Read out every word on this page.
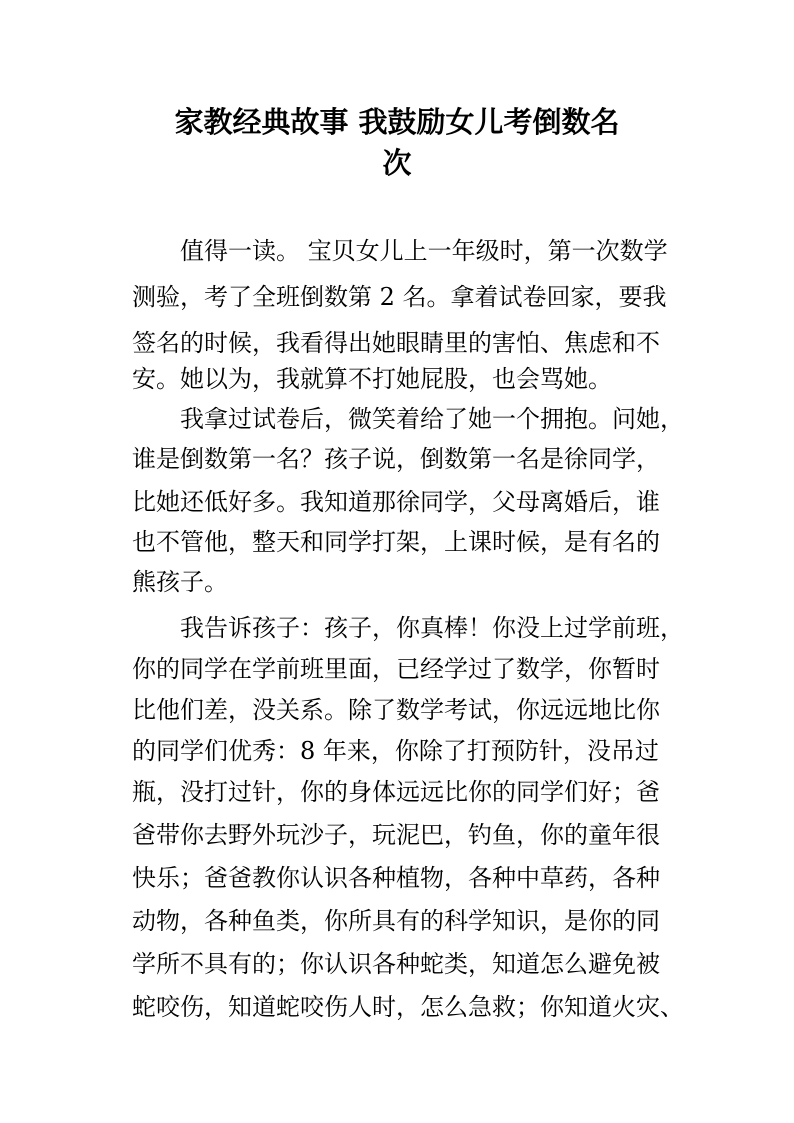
家教经典故事 我鼓励女儿考倒数名
次

值得一读。 宝贝女儿上一年级时，第一次数学

测验，考了全班倒数第 2 名。拿着试卷回家，要我

签名的时候，我看得出她眼睛里的害怕、焦虑和不

安。她以为，我就算不打她屁股，也会骂她。

我拿过试卷后，微笑着给了她一个拥抱。问她，

谁是倒数第一名？孩子说，倒数第一名是徐同学，

比她还低好多。我知道那徐同学，父母离婚后，谁

也不管他，整天和同学打架，上课时候，是有名的

熊孩子。

我告诉孩子：孩子，你真棒！你没上过学前班，

你的同学在学前班里面，已经学过了数学，你暂时

比他们差，没关系。除了数学考试，你远远地比你

的同学们优秀：8 年来，你除了打预防针，没吊过

瓶，没打过针，你的身体远远比你的同学们好；爸

爸带你去野外玩沙子，玩泥巴，钓鱼，你的童年很

快乐；爸爸教你认识各种植物，各种中草药，各种

动物，各种鱼类，你所具有的科学知识，是你的同

学所不具有的；你认识各种蛇类，知道怎么避免被

蛇咬伤，知道蛇咬伤人时，怎么急救；你知道火灾、
